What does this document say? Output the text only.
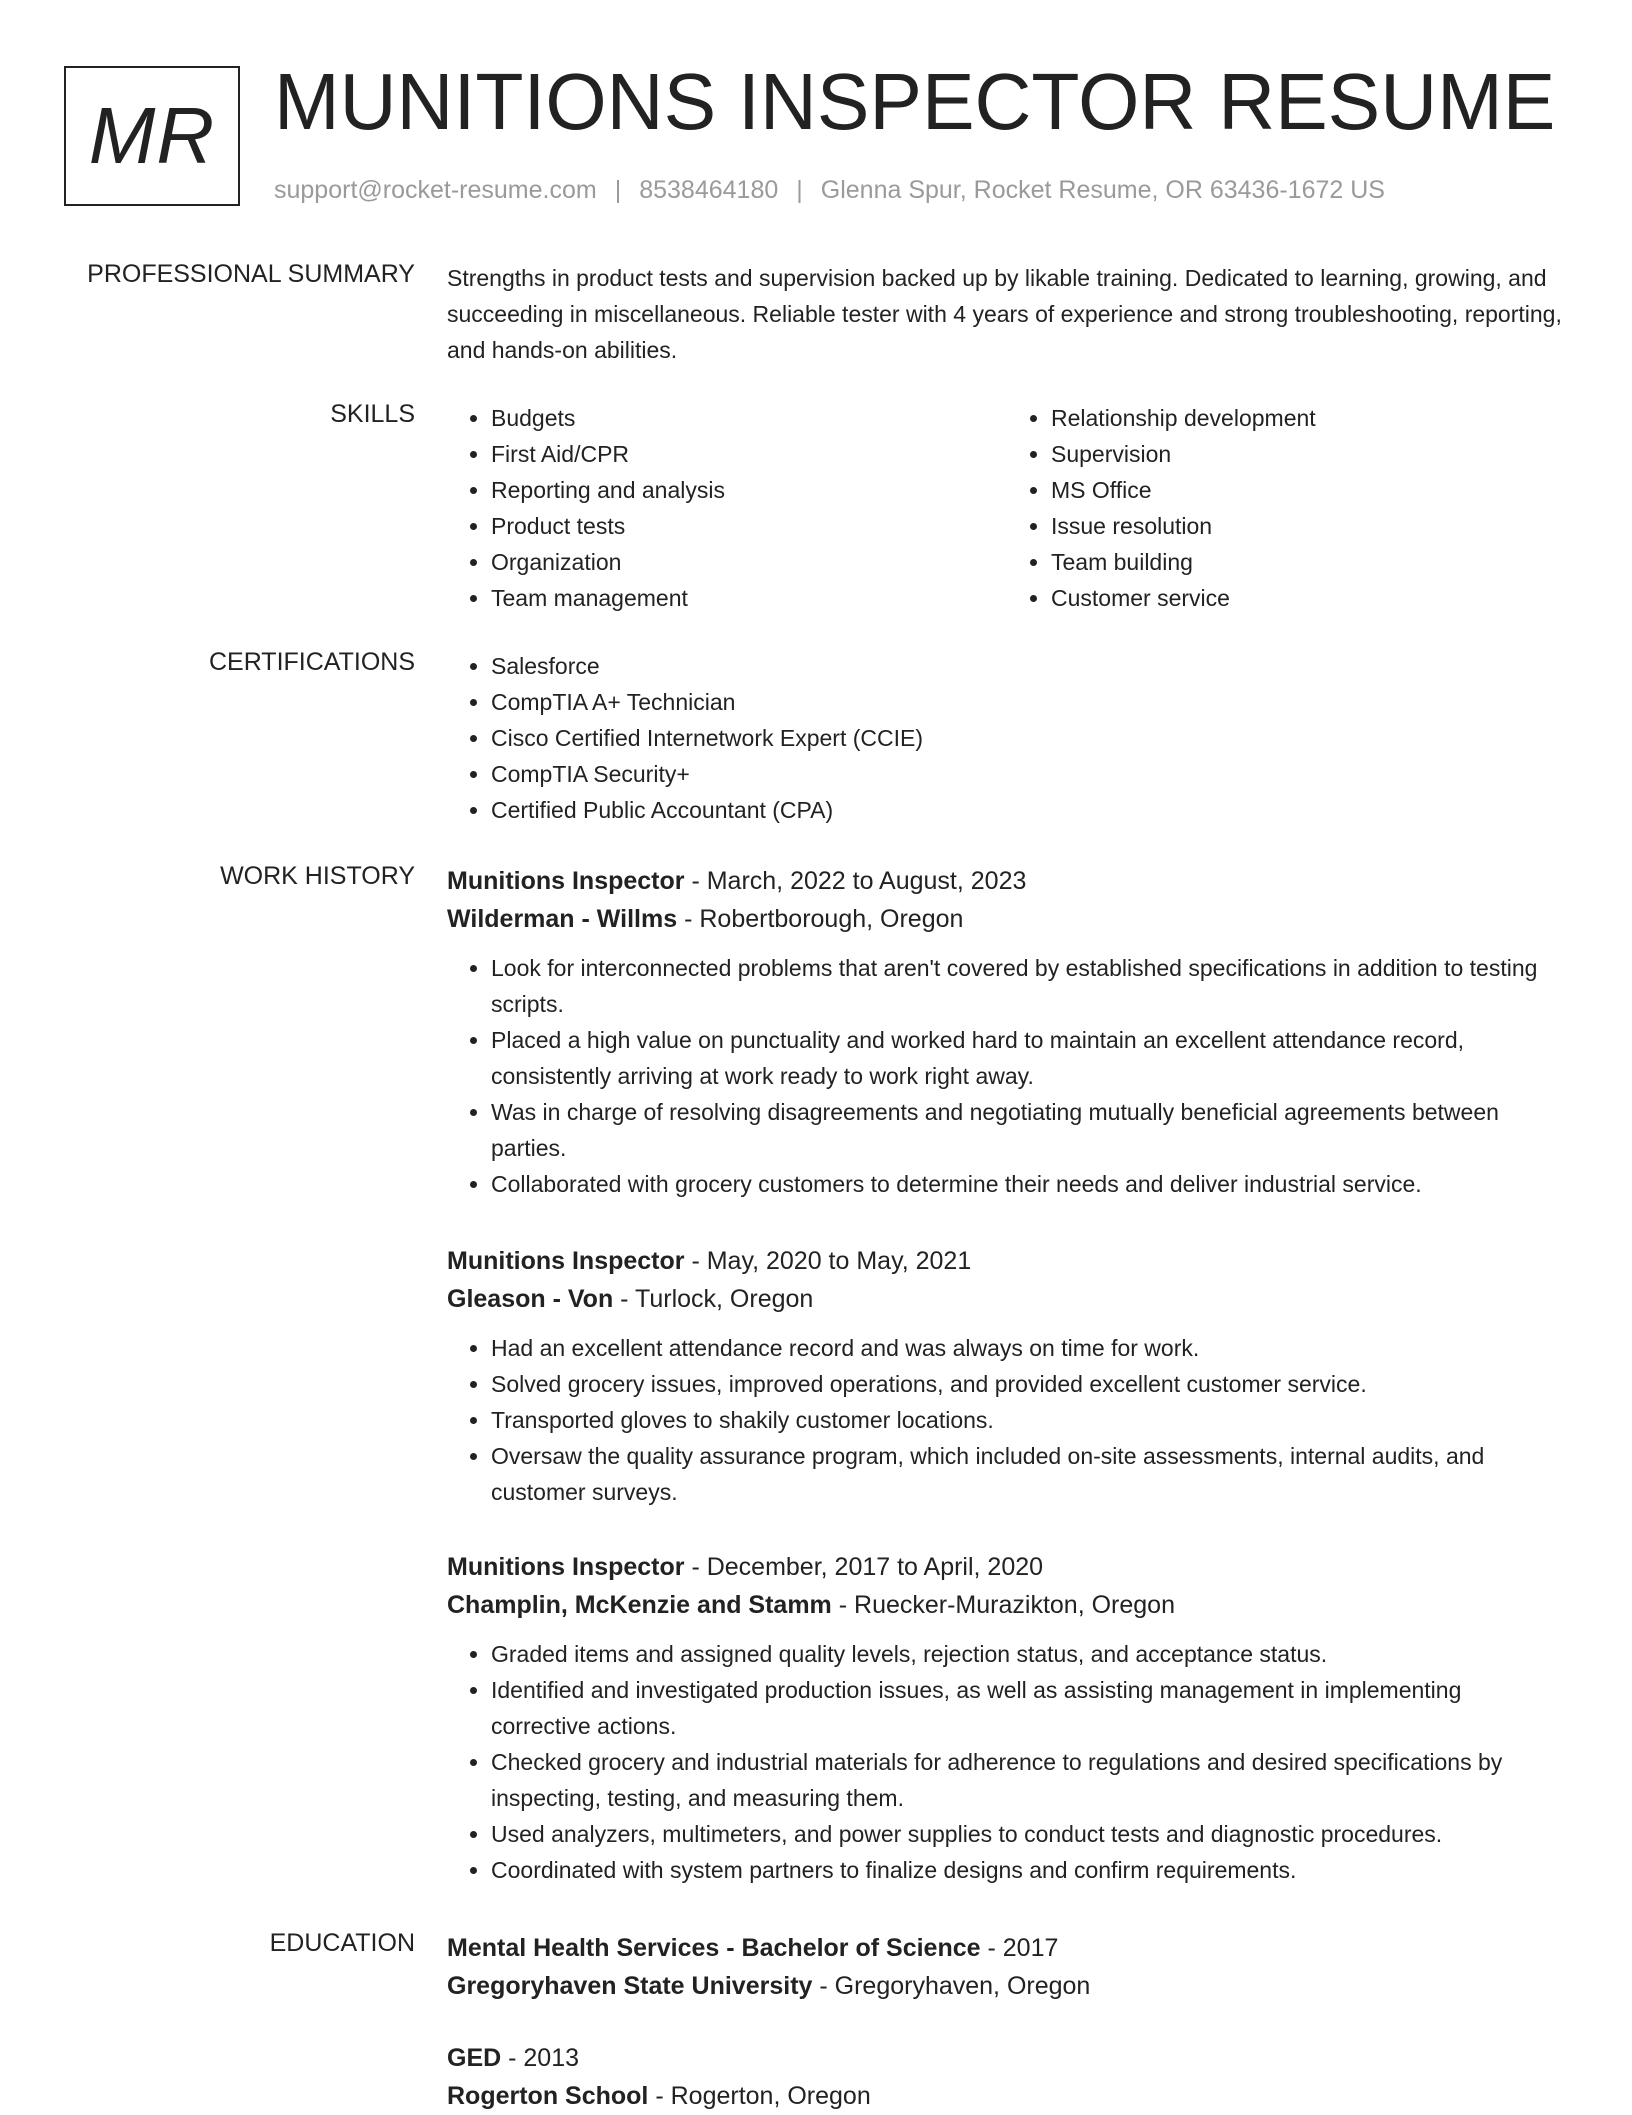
MR MUNITIONS INSPECTOR RESUME
support@rocket-resume.com | 8538464180 | Glenna Spur, Rocket Resume, OR 63436-1672 US
PROFESSIONAL SUMMARY Strengths in product tests and supervision backed up by likable training. Dedicated to learning, growing, and succeeding in miscellaneous. Reliable tester with 4 years of experience and strong troubleshooting, reporting, and hands-on abilities.
SKILLS	• Budgets
• First Aid/CPR
• Reporting and analysis
• Product tests
• Organization
• Team management
• Relationship development
• Supervision
• MS Office
• Issue resolution
• Team building
• Customer service
CERTIFICATIONS	• Salesforce
• CompTIA A+ Technician
• Cisco Certified Internetwork Expert (CCIE)
• CompTIA Security+
• Certified Public Accountant (CPA)
WORK HISTORY Munitions Inspector - March, 2022 to August, 2023
Wilderman - Willms - Robertborough, Oregon
• Look for interconnected problems that aren't covered by established specifications in addition to testing scripts.
• Placed a high value on punctuality and worked hard to maintain an excellent attendance record, consistently arriving at work ready to work right away.
• Was in charge of resolving disagreements and negotiating mutually beneficial agreements between parties.
• Collaborated with grocery customers to determine their needs and deliver industrial service.
Munitions Inspector - May, 2020 to May, 2021
Gleason - Von - Turlock, Oregon
• Had an excellent attendance record and was always on time for work.
• Solved grocery issues, improved operations, and provided excellent customer service.
• Transported gloves to shakily customer locations.
• Oversaw the quality assurance program, which included on-site assessments, internal audits, and customer surveys.
Munitions Inspector - December, 2017 to April, 2020
Champlin, McKenzie and Stamm - Ruecker-Murazikton, Oregon
• Graded items and assigned quality levels, rejection status, and acceptance status.
• Identified and investigated production issues, as well as assisting management in implementing corrective actions.
• Checked grocery and industrial materials for adherence to regulations and desired specifications by inspecting, testing, and measuring them.
• Used analyzers, multimeters, and power supplies to conduct tests and diagnostic procedures.
• Coordinated with system partners to finalize designs and confirm requirements.
EDUCATION Mental Health Services - Bachelor of Science - 2017
Gregoryhaven State University - Gregoryhaven, Oregon
GED - 2013
Rogerton School - Rogerton, Oregon
